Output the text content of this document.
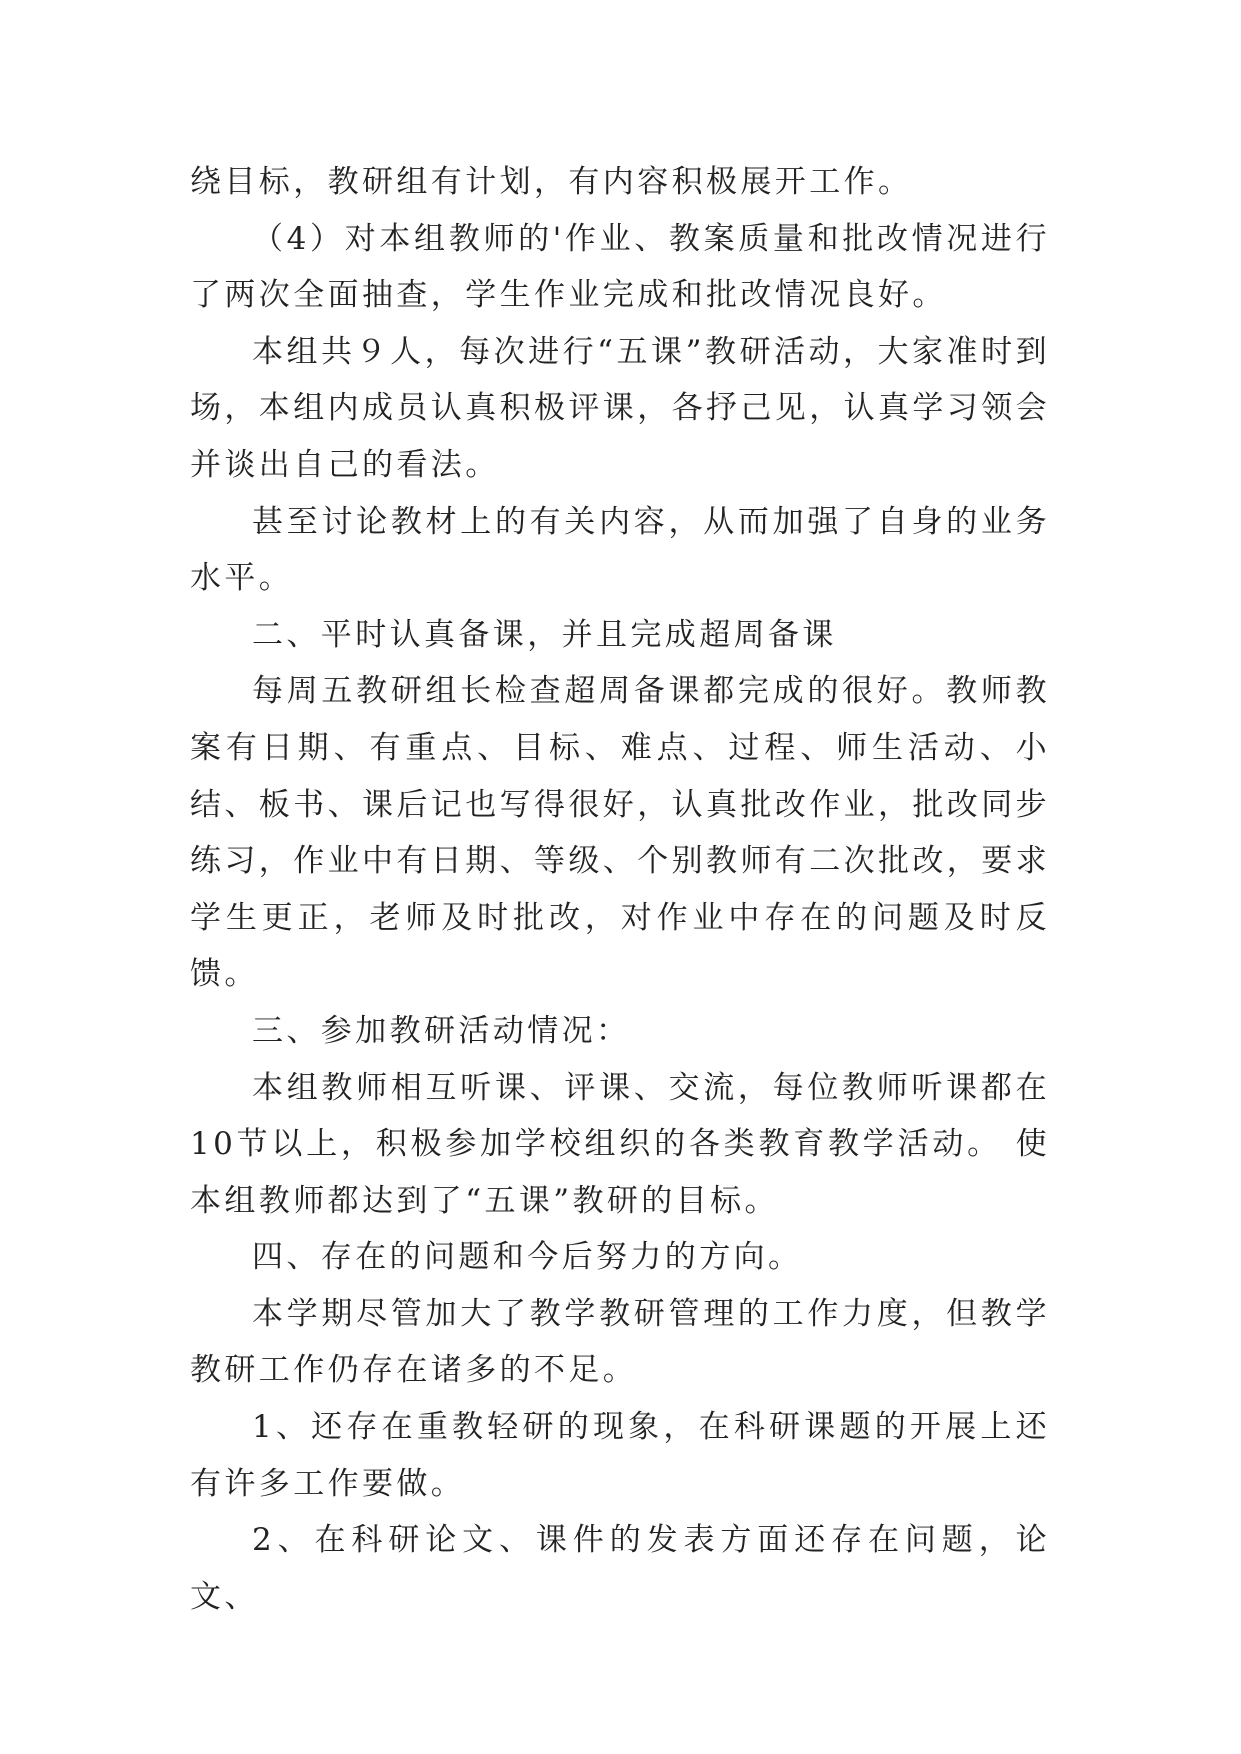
绕目标，教研组有计划，有内容积极展开工作。

（4）对本组教师的'作业、教案质量和批改情况进行了两次全面抽查，学生作业完成和批改情况良好。

本组共９人，每次进行“五课”教研活动，大家准时到场，本组内成员认真积极评课，各抒己见，认真学习领会并谈出自己的看法。

甚至讨论教材上的有关内容，从而加强了自身的业务水平。

二、平时认真备课，并且完成超周备课

每周五教研组长检查超周备课都完成的很好。教师教案有日期、有重点、目标、难点、过程、师生活动、小结、板书、课后记也写得很好，认真批改作业，批改同步练习，作业中有日期、等级、个别教师有二次批改，要求学生更正，老师及时批改，对作业中存在的问题及时反馈。

三、参加教研活动情况：

本组教师相互听课、评课、交流，每位教师听课都在10节以上，积极参加学校组织的各类教育教学活动。 使本组教师都达到了“五课”教研的目标。

四、存在的问题和今后努力的方向。

本学期尽管加大了教学教研管理的工作力度，但教学教研工作仍存在诸多的不足。

1、还存在重教轻研的现象，在科研课题的开展上还有许多工作要做。

2、在科研论文、课件的发表方面还存在问题，论文、
